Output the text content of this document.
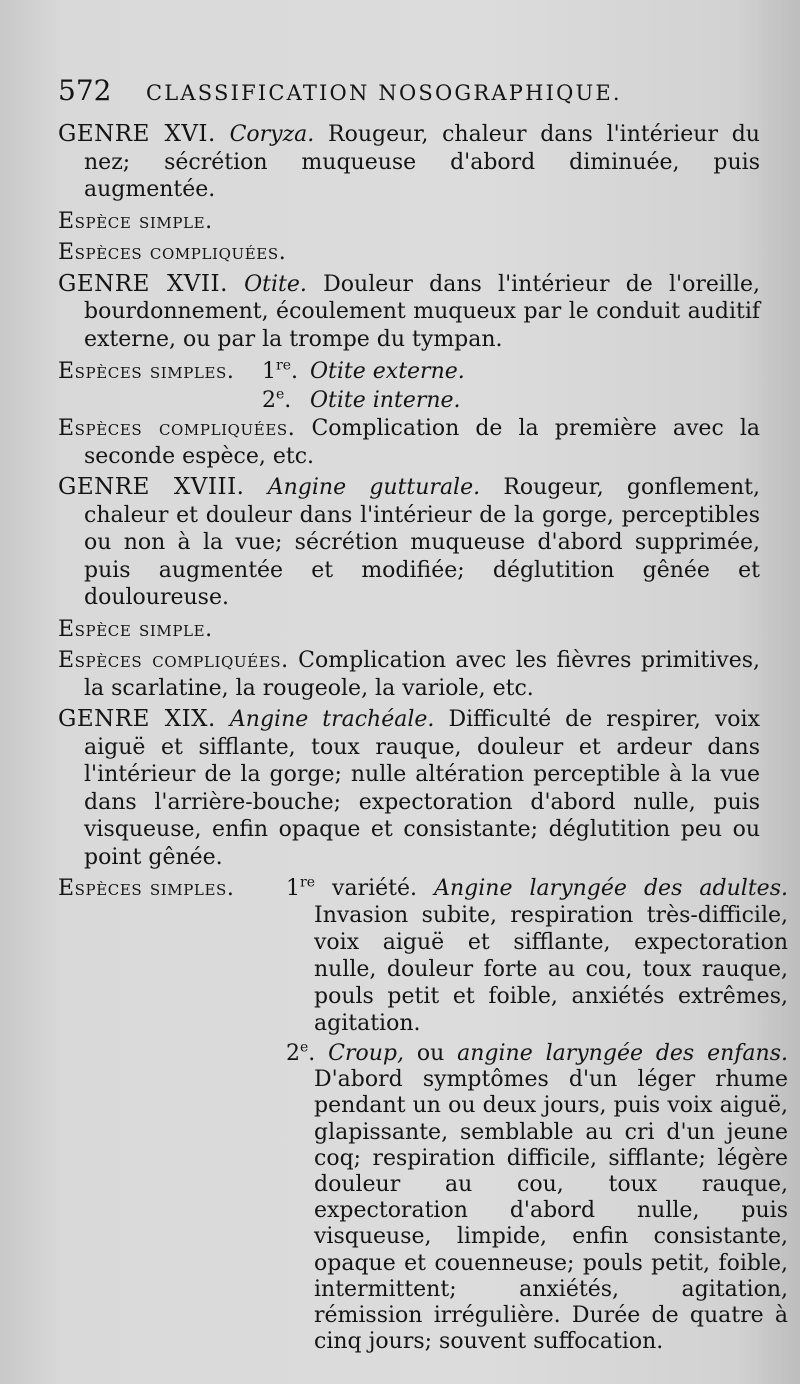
572	CLASSIFICATION NOSOGRAPHIQUE.
GENRE XVI. Coryza. Rougeur, chaleur dans l'intérieur du nez; sécrétion muqueuse d'abord diminuée, puis augmentée.
Espèce simple.
Espèces compliquées.
GENRE XVII. Otite. Douleur dans l'intérieur de l'oreille, bourdonnement, écoulement muqueux par le conduit auditif externe, ou par la trompe du tympan.
Espèces simples.	1re. Otite externe.
2e. Otite interne.
Espèces compliquées. Complication de la première avec la seconde espèce, etc.
GENRE XVIII. Angine gutturale. Rougeur, gonflement, chaleur et douleur dans l'intérieur de la gorge, perceptibles ou non à la vue; sécrétion muqueuse d'abord supprimée, puis augmentée et modifiée; déglutition gênée et douloureuse.
Espèce simple.
Espèces compliquées. Complication avec les fièvres primitives, la scarlatine, la rougeole, la variole, etc.
GENRE XIX. Angine trachéale. Difficulté de respirer, voix aiguë et sifflante, toux rauque, douleur et ardeur dans l'intérieur de la gorge; nulle altération perceptible à la vue dans l'arrière-bouche; expectoration d'abord nulle, puis visqueuse, enfin opaque et consistante; déglutition peu ou point gênée.
Espèces simples.	1re variété. Angine laryngée des adultes. Invasion subite, respiration très-difficile, voix aiguë et sifflante, expectoration nulle, douleur forte au cou, toux rauque, pouls petit et foible, anxiétés extrêmes, agitation.
2e. Croup, ou angine laryngée des enfans. D'abord symptômes d'un léger rhume pendant un ou deux jours, puis voix aiguë, glapissante, semblable au cri d'un jeune coq; respiration difficile, sifflante; légère douleur au cou, toux rauque, expectoration d'abord nulle, puis visqueuse, limpide, enfin consistante, opaque et couenneuse; pouls petit, foible, intermittent; anxiétés, agitation, rémission irrégulière. Durée de quatre à cinq jours; souvent suffocation.
